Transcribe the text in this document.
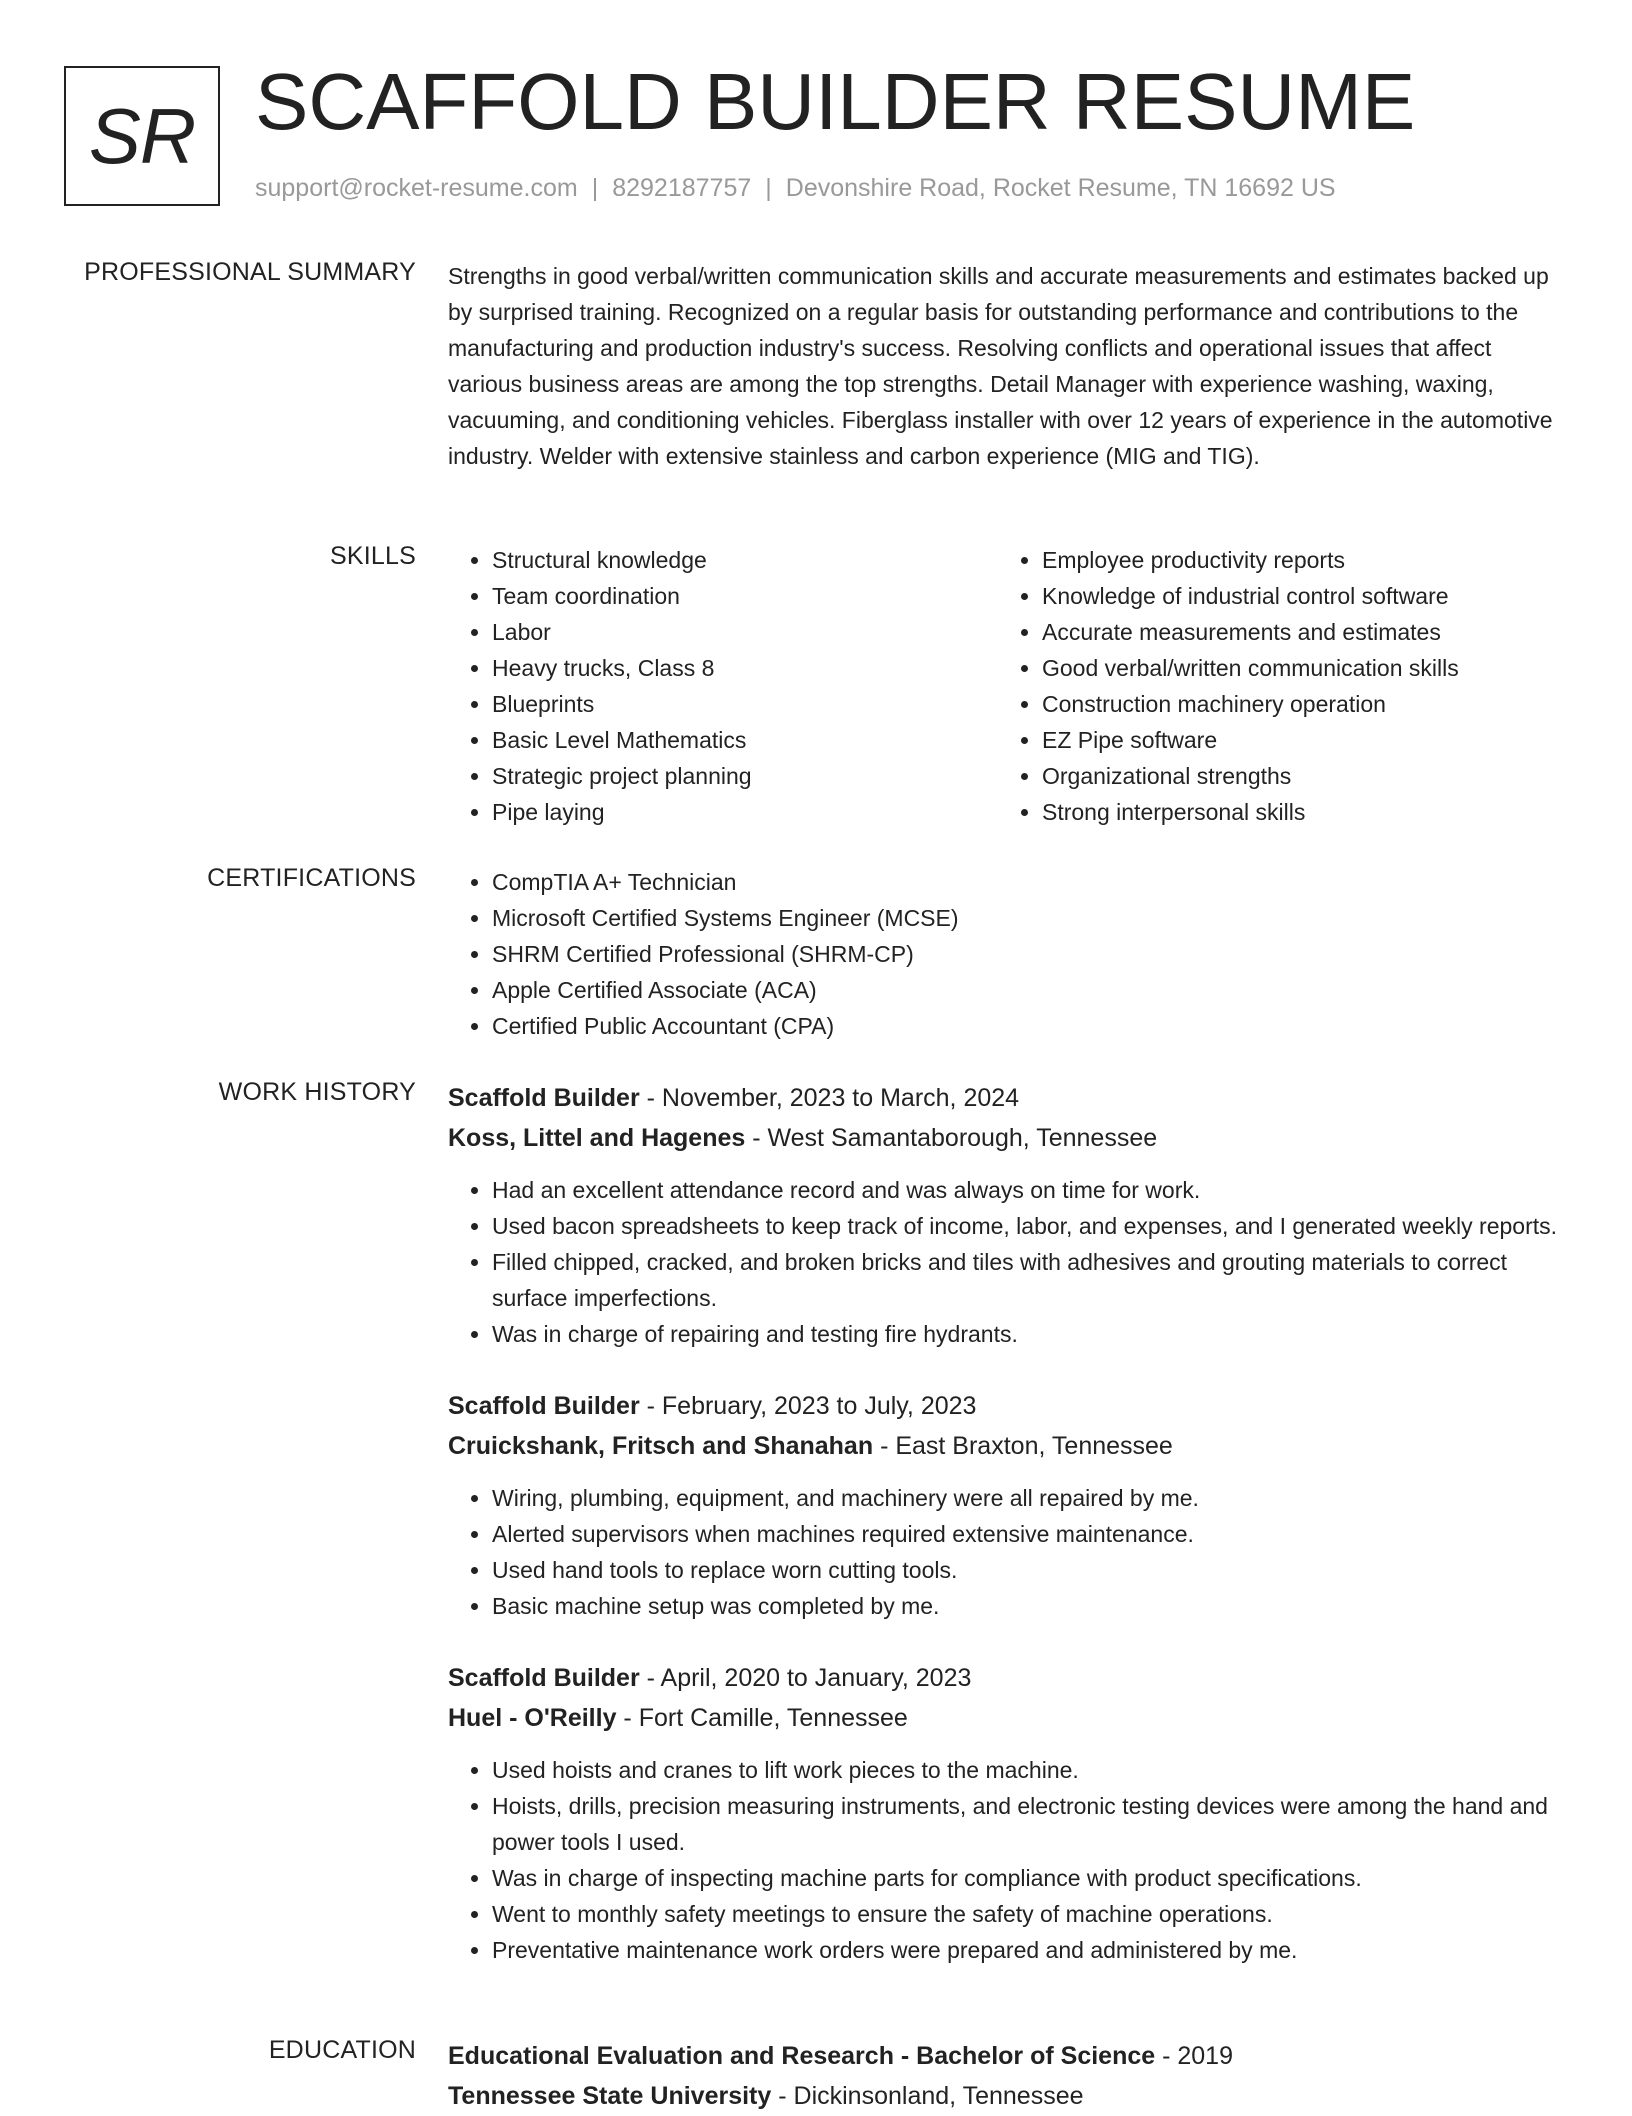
SR SCAFFOLD BUILDER RESUME
support@rocket-resume.com | 8292187757 | Devonshire Road, Rocket Resume, TN 16692 US
PROFESSIONAL SUMMARY Strengths in good verbal/written communication skills and accurate measurements and estimates backed up by surprised training. Recognized on a regular basis for outstanding performance and contributions to the manufacturing and production industry's success. Resolving conflicts and operational issues that affect various business areas are among the top strengths. Detail Manager with experience washing, waxing, vacuuming, and conditioning vehicles. Fiberglass installer with over 12 years of experience in the automotive industry. Welder with extensive stainless and carbon experience (MIG and TIG).

SKILLS	• Structural knowledge
• Team coordination
• Labor
• Heavy trucks, Class 8
• Blueprints
• Basic Level Mathematics
• Strategic project planning
• Pipe laying
• Employee productivity reports
• Knowledge of industrial control software
• Accurate measurements and estimates
• Good verbal/written communication skills
• Construction machinery operation
• EZ Pipe software
• Organizational strengths
• Strong interpersonal skills
CERTIFICATIONS	• CompTIA A+ Technician
• Microsoft Certified Systems Engineer (MCSE)
• SHRM Certified Professional (SHRM-CP)
• Apple Certified Associate (ACA)
• Certified Public Accountant (CPA)
WORK HISTORY Scaffold Builder - November, 2023 to March, 2024
Koss, Littel and Hagenes - West Samantaborough, Tennessee
• Had an excellent attendance record and was always on time for work.
• Used bacon spreadsheets to keep track of income, labor, and expenses, and I generated weekly reports.
• Filled chipped, cracked, and broken bricks and tiles with adhesives and grouting materials to correct surface imperfections.
• Was in charge of repairing and testing fire hydrants.
Scaffold Builder - February, 2023 to July, 2023
Cruickshank, Fritsch and Shanahan - East Braxton, Tennessee
• Wiring, plumbing, equipment, and machinery were all repaired by me.
• Alerted supervisors when machines required extensive maintenance.
• Used hand tools to replace worn cutting tools.
• Basic machine setup was completed by me.
Scaffold Builder - April, 2020 to January, 2023
Huel - O'Reilly - Fort Camille, Tennessee
• Used hoists and cranes to lift work pieces to the machine.
• Hoists, drills, precision measuring instruments, and electronic testing devices were among the hand and power tools I used.
• Was in charge of inspecting machine parts for compliance with product specifications.
• Went to monthly safety meetings to ensure the safety of machine operations.
• Preventative maintenance work orders were prepared and administered by me.
EDUCATION Educational Evaluation and Research - Bachelor of Science - 2019
Tennessee State University - Dickinsonland, Tennessee
